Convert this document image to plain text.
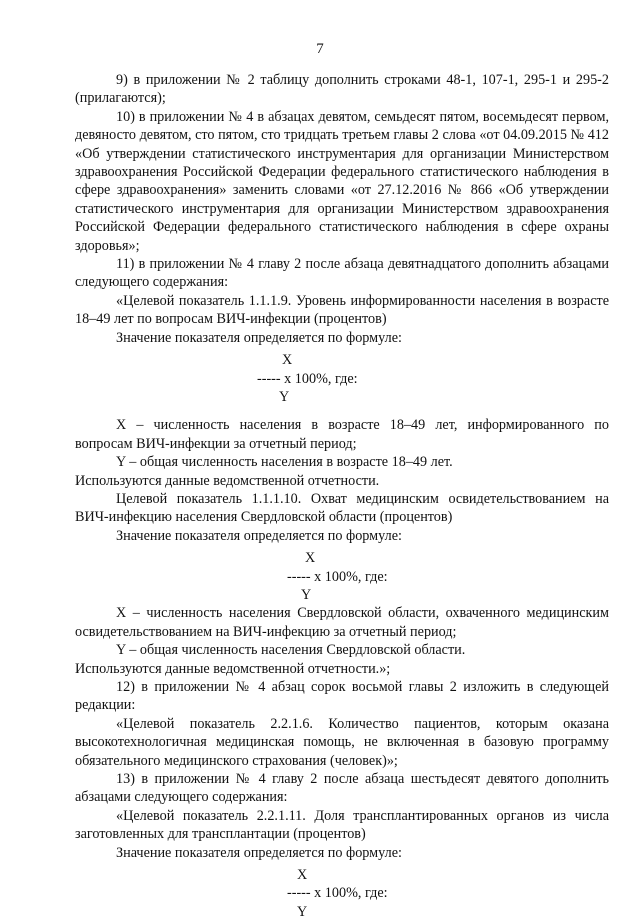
7

9) в приложении № 2 таблицу дополнить строками 48-1, 107-1, 295-1 и 295-2 (прилагаются);

10) в приложении № 4 в абзацах девятом, семьдесят пятом, восемьдесят первом, девяносто девятом, сто пятом, сто тридцать третьем главы 2 слова «от 04.09.2015 № 412 «Об утверждении статистического инструментария для организации Министерством здравоохранения Российской Федерации федерального статистического наблюдения в сфере здравоохранения» заменить словами «от 27.12.2016 № 866 «Об утверждении статистического инструментария для организации Министерством здравоохранения Российской Федерации федерального статистического наблюдения в сфере охраны здоровья»;

11) в приложении № 4 главу 2 после абзаца девятнадцатого дополнить абзацами следующего содержания:

«Целевой показатель 1.1.1.9. Уровень информированности населения в возрасте 18–49 лет по вопросам ВИЧ-инфекции (процентов)

Значение показателя определяется по формуле:

X

----- x 100%, где:

Y

X – численность населения в возрасте 18–49 лет, информированного по вопросам ВИЧ-инфекции за отчетный период;

Y – общая численность населения в возрасте 18–49 лет.

Используются данные ведомственной отчетности.

Целевой показатель 1.1.1.10. Охват медицинским освидетельствованием на ВИЧ-инфекцию населения Свердловской области (процентов)

Значение показателя определяется по формуле:

X

----- x 100%, где:

Y

X – численность населения Свердловской области, охваченного медицинским освидетельствованием на ВИЧ-инфекцию за отчетный период;

Y – общая численность населения Свердловской области.

Используются данные ведомственной отчетности.»;

12) в приложении № 4 абзац сорок восьмой главы 2 изложить в следующей редакции:

«Целевой показатель 2.2.1.6. Количество пациентов, которым оказана высокотехнологичная медицинская помощь, не включенная в базовую программу обязательного медицинского страхования (человек)»;

13) в приложении № 4 главу 2 после абзаца шестьдесят девятого дополнить абзацами следующего содержания:

«Целевой показатель 2.2.1.11. Доля трансплантированных органов из числа заготовленных для трансплантации (процентов)

Значение показателя определяется по формуле:

X

----- x 100%, где:

Y
